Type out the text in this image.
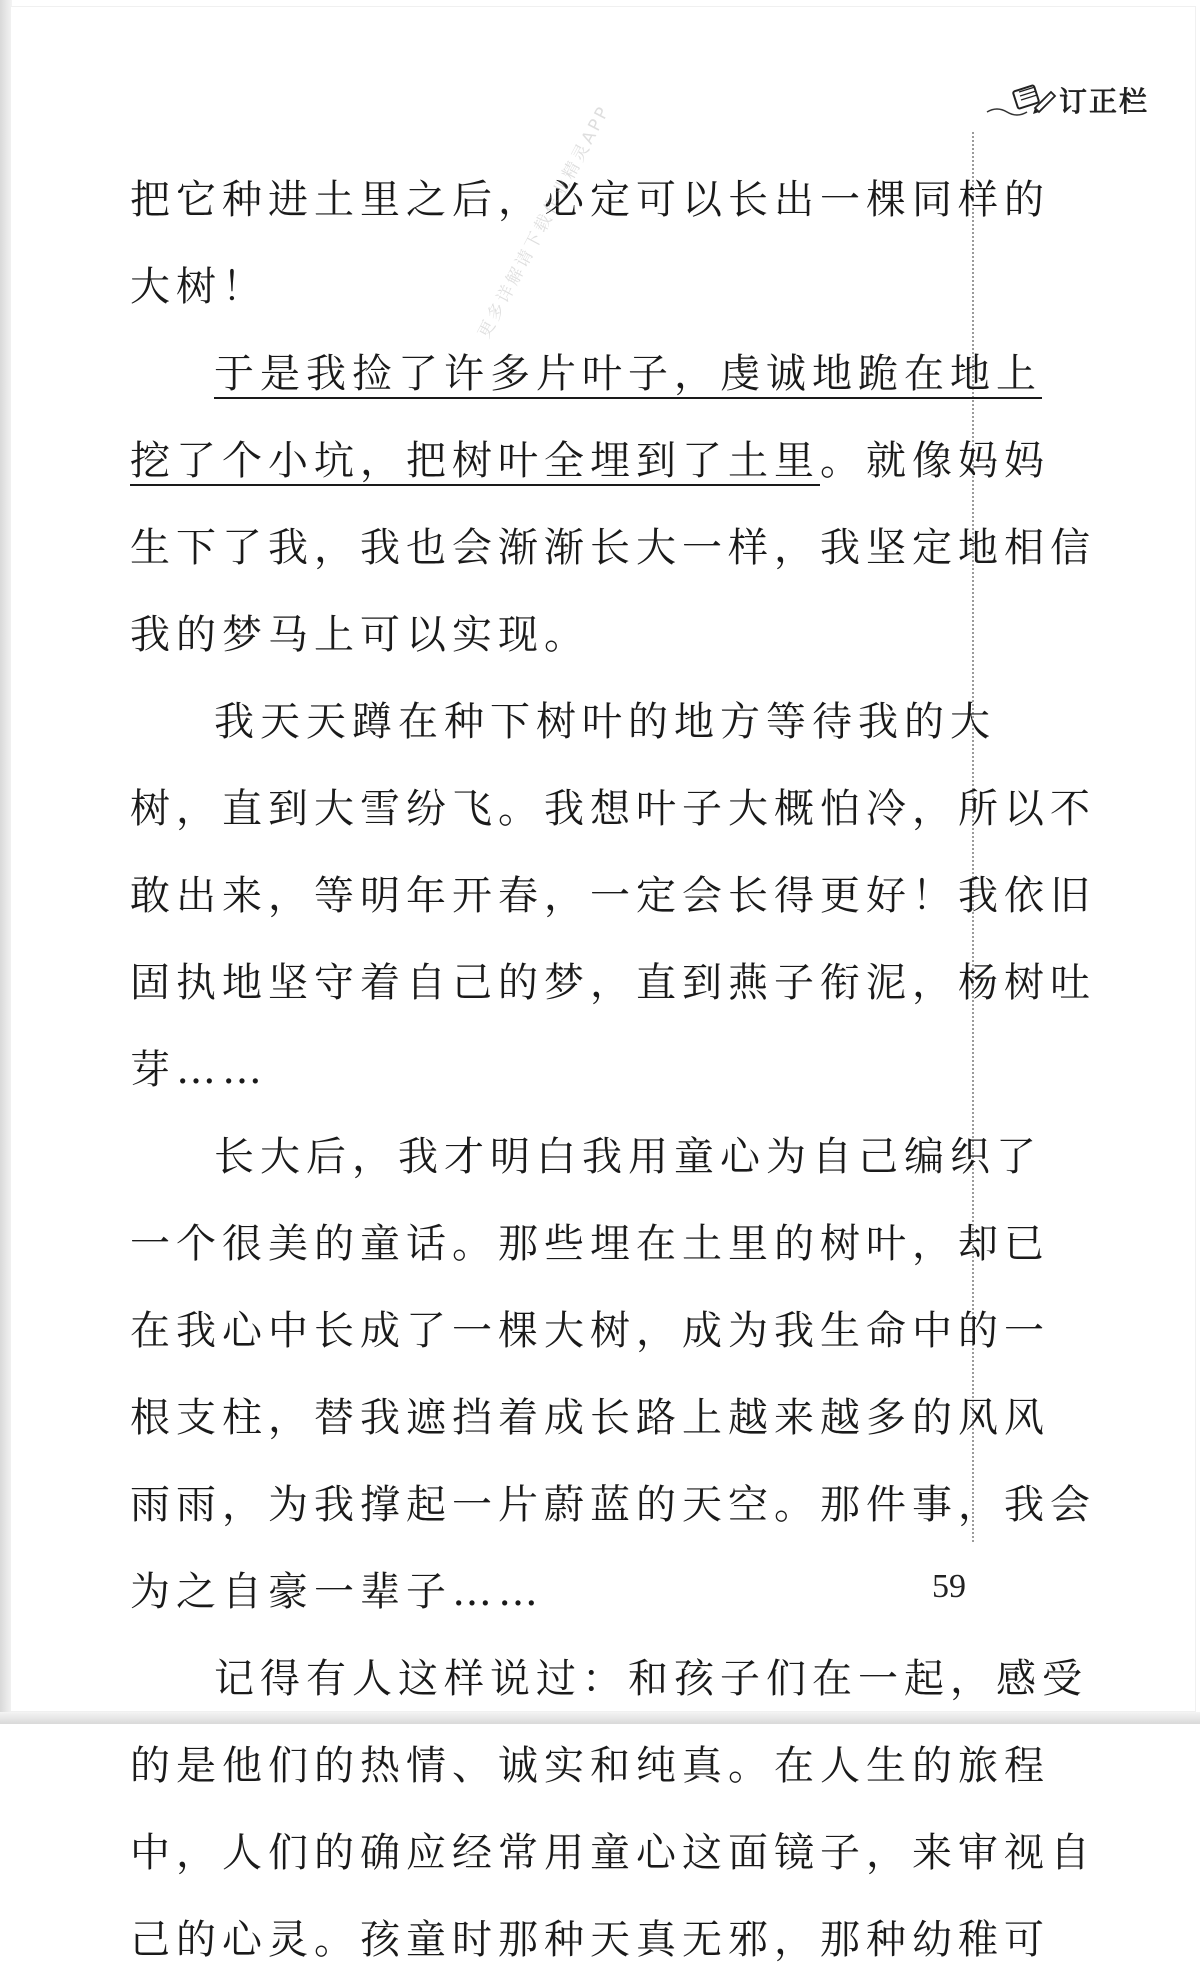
订正栏
把它种进土里之后，必定可以长出一棵同样的
大树！
于是我捡了许多片叶子，虔诚地跪在地上
挖了个小坑，把树叶全埋到了土里。就像妈妈
生下了我，我也会渐渐长大一样，我坚定地相信
我的梦马上可以实现。
我天天蹲在种下树叶的地方等待我的大
树，直到大雪纷飞。我想叶子大概怕冷，所以不
敢出来，等明年开春，一定会长得更好！我依旧
固执地坚守着自己的梦，直到燕子衔泥，杨树吐
芽……
长大后，我才明白我用童心为自己编织了
一个很美的童话。那些埋在土里的树叶，却已
在我心中长成了一棵大树，成为我生命中的一
根支柱，替我遮挡着成长路上越来越多的风风
雨雨，为我撑起一片蔚蓝的天空。那件事，我会
为之自豪一辈子……
记得有人这样说过：和孩子们在一起，感受
的是他们的热情、诚实和纯真。在人生的旅程
中，人们的确应经常用童心这面镜子，来审视自
己的心灵。孩童时那种天真无邪，那种幼稚可
更多详解请下载作业精灵APP
59
